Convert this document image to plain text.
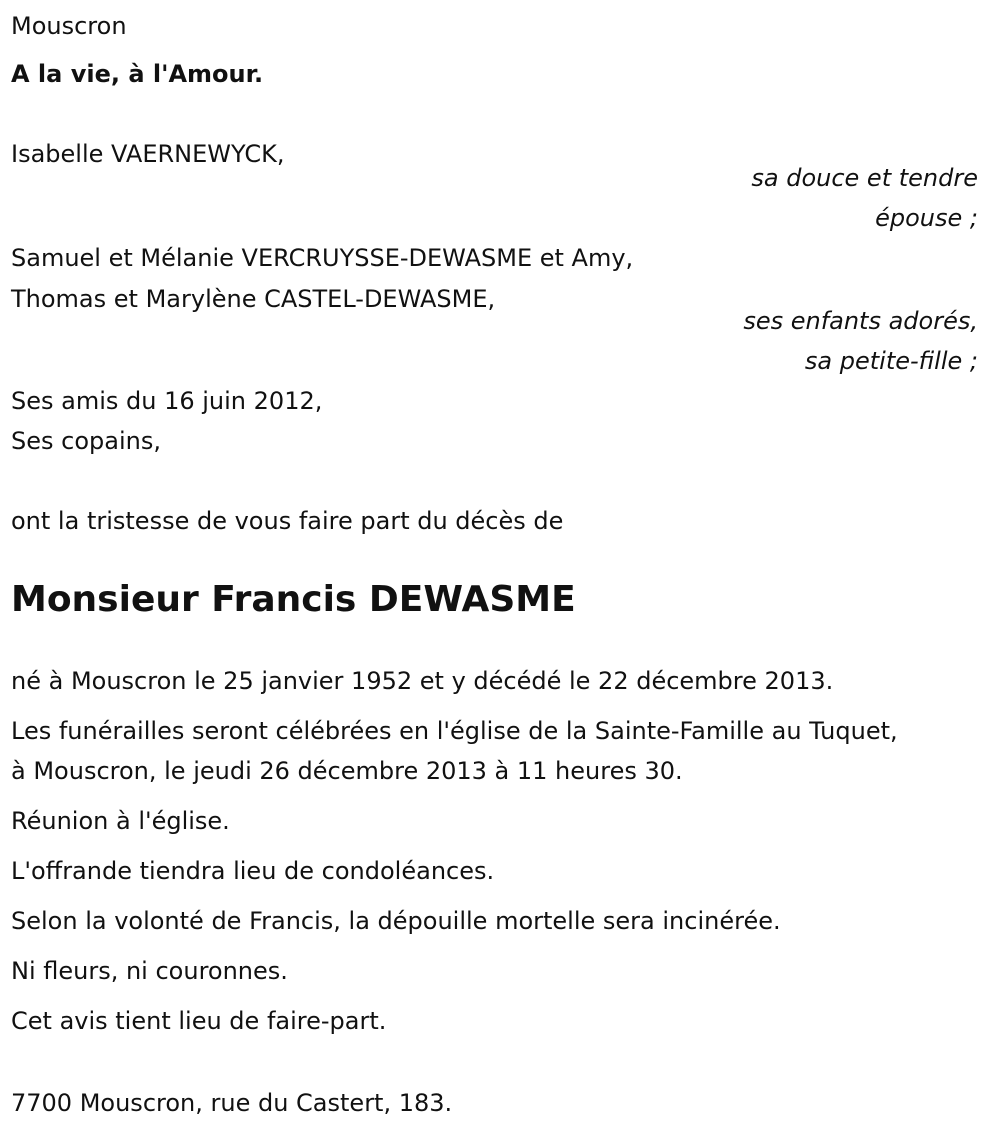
Mouscron
A la vie, à l'Amour.
Isabelle VAERNEWYCK,
sa douce et tendre
épouse ;
Samuel et Mélanie VERCRUYSSE-DEWASME et Amy,
Thomas et Marylène CASTEL-DEWASME,
ses enfants adorés,
sa petite-fille ;
Ses amis du 16 juin 2012,
Ses copains,
ont la tristesse de vous faire part du décès de
Monsieur Francis DEWASME
né à Mouscron le 25 janvier 1952 et y décédé le 22 décembre 2013.
Les funérailles seront célébrées en l'église de la Sainte-Famille au Tuquet,
à Mouscron, le jeudi 26 décembre 2013 à 11 heures 30.
Réunion à l'église.
L'offrande tiendra lieu de condoléances.
Selon la volonté de Francis, la dépouille mortelle sera incinérée.
Ni fleurs, ni couronnes.
Cet avis tient lieu de faire-part.
7700 Mouscron, rue du Castert, 183.
